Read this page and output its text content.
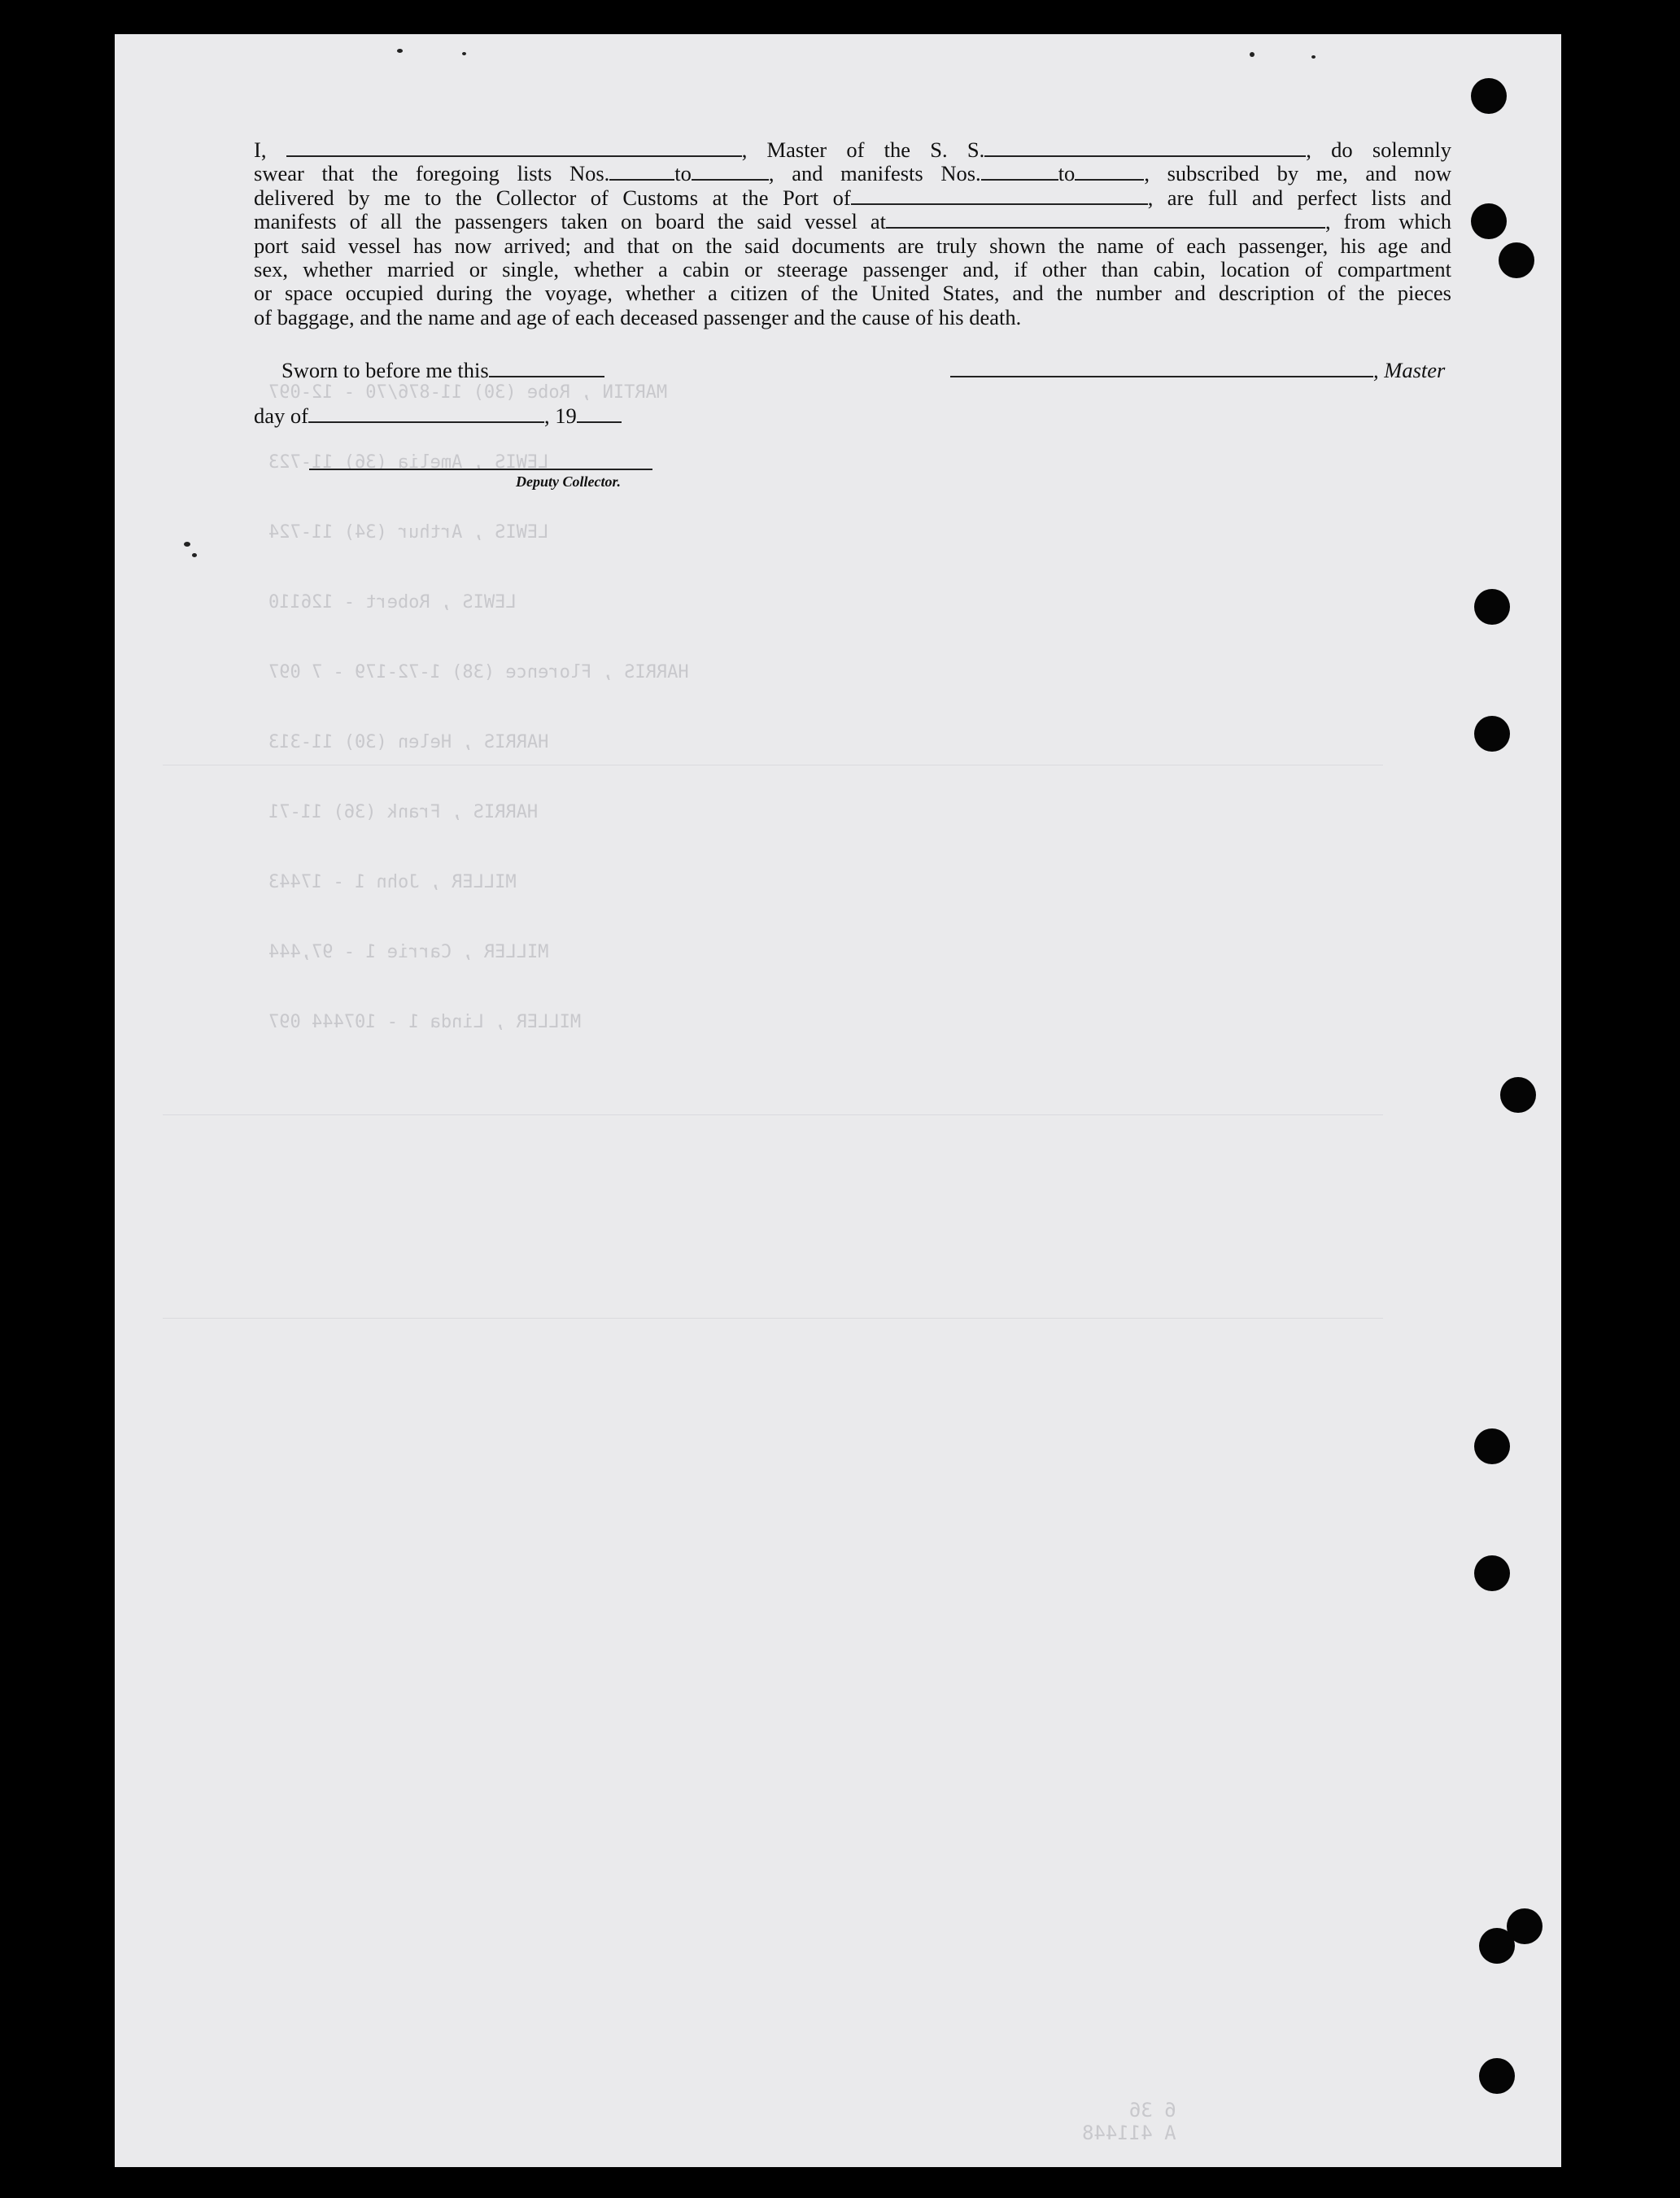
MARTIN , Robe (30) 11-876/70 - 12-097
LEWIS , Amelia (36) 11-723
LEWIS , Arthur (34) 11-724
LEWIS , Robert - 126110
HARRIS , Florence (38) 1-72-179 - 7 097
HARRIS , Helen (30) 11-313
HARRIS , Frank (36) 11-71
MILLER , John 1 - 17443
MILLER , Carrie 1 - 97,444
MILLER , Linda 1 - 107444 097
6 36
A 411448
I,	, Master of the S. S.	, do solemnly
swear that the foregoing lists Nos.	to	, and manifests Nos.	to	, subscribed by me, and now
delivered by me to the Collector of Customs at the Port of	, are full and perfect lists and
manifests of all the passengers taken on board the said vessel at	, from which
port said vessel has now arrived; and that on the said documents are truly shown the name of each passenger, his age and
sex, whether married or single, whether a cabin or steerage passenger and, if other than cabin, location of compartment
or space occupied during the voyage, whether a citizen of the United States, and the number and description of the pieces
of baggage, and the name and age of each deceased passenger and the cause of his death.
Sworn to before me this	, Master
day of	, 19
Deputy Collector.
